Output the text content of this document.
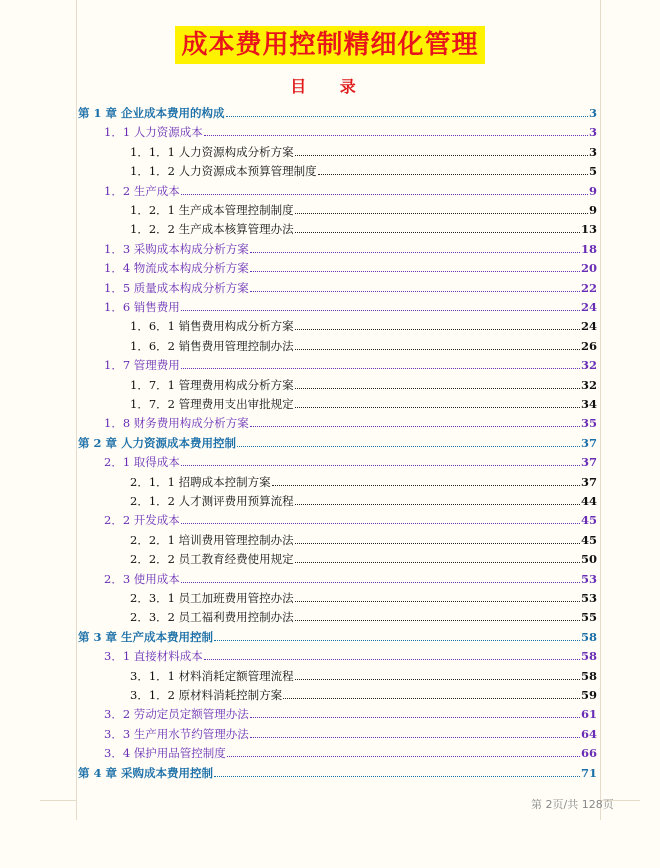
成本费用控制精细化管理
目 录
第 1 章 企业成本费用的构成	3
1．1 人力资源成本	3
1．1．1 人力资源构成分析方案	3
1．1．2 人力资源成本预算管理制度	5
1．2 生产成本	9
1．2．1 生产成本管理控制制度	9
1．2．2 生产成本核算管理办法	13
1．3 采购成本构成分析方案	18
1．4 物流成本构成分析方案	20
1．5 质量成本构成分析方案	22
1．6 销售费用	24
1．6．1 销售费用构成分析方案	24
1．6．2 销售费用管理控制办法	26
1．7 管理费用	32
1．7．1 管理费用构成分析方案	32
1．7．2 管理费用支出审批规定	34
1．8 财务费用构成分析方案	35
第 2 章 人力资源成本费用控制	37
2．1 取得成本	37
2．1．1 招聘成本控制方案	37
2．1．2 人才测评费用预算流程	44
2．2 开发成本	45
2．2．1 培训费用管理控制办法	45
2．2．2 员工教育经费使用规定	50
2．3 使用成本	53
2．3．1 员工加班费用管控办法	53
2．3．2 员工福利费用控制办法	55
第 3 章 生产成本费用控制	58
3．1 直接材料成本	58
3．1．1 材料消耗定额管理流程	58
3．1．2 原材料消耗控制方案	59
3．2 劳动定员定额管理办法	61
3．3 生产用水节约管理办法	64
3．4 保护用品管控制度	66
第 4 章 采购成本费用控制	71
第 2页/共 128页
